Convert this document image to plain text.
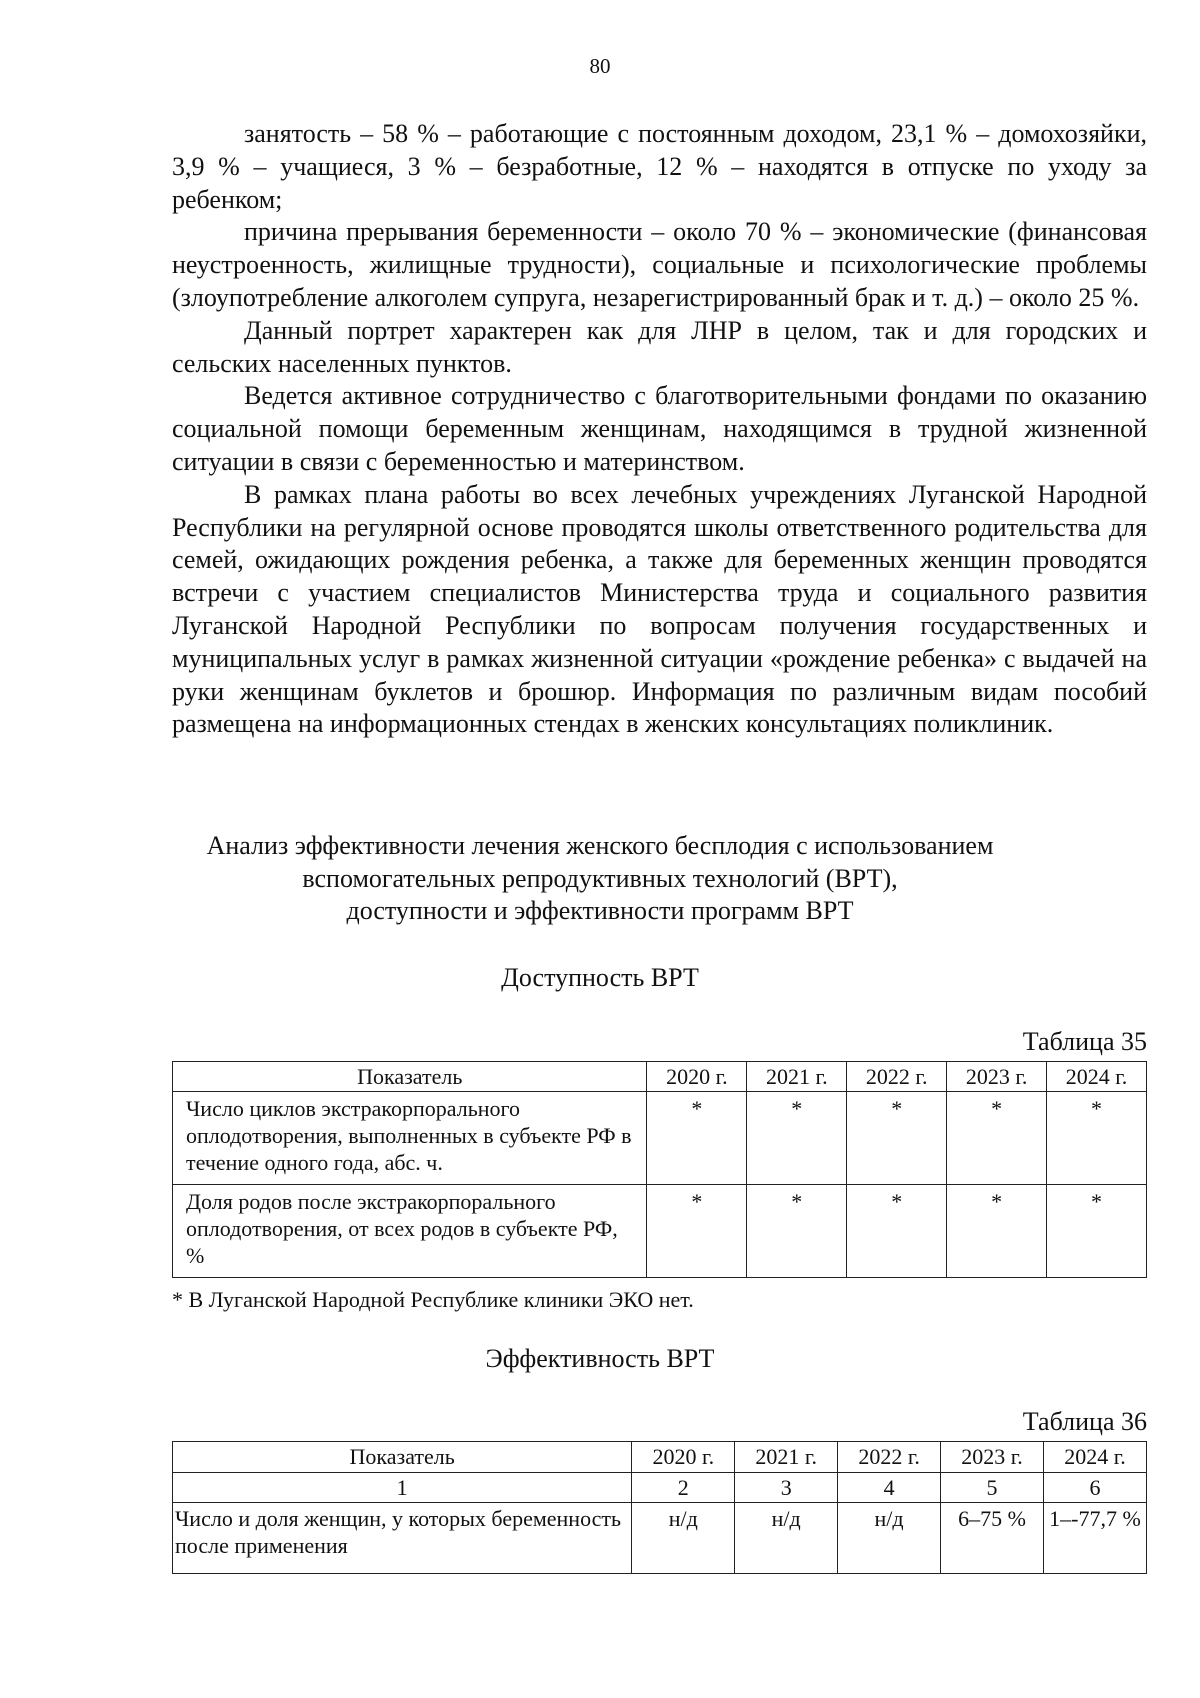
80

занятость – 58 % – работающие с постоянным доходом, 23,1 % – домохозяйки, 3,9 % – учащиеся, 3 % – безработные, 12 % – находятся в отпуске по уходу за ребенком;

причина прерывания беременности – около 70 % – экономические (финансовая неустроенность, жилищные трудности), социальные и психологические проблемы (злоупотребление алкоголем супруга, незарегистрированный брак и т. д.) – около 25 %.

Данный портрет характерен как для ЛНР в целом, так и для городских и сельских населенных пунктов.

Ведется активное сотрудничество с благотворительными фондами по оказанию социальной помощи беременным женщинам, находящимся в трудной жизненной ситуации в связи с беременностью и материнством.

В рамках плана работы во всех лечебных учреждениях Луганской Народной Республики на регулярной основе проводятся школы ответственного родительства для семей, ожидающих рождения ребенка, а также для беременных женщин проводятся встречи с участием специалистов Министерства труда и социального развития Луганской Народной Республики по вопросам получения государственных и муниципальных услуг в рамках жизненной ситуации «рождение ребенка» с выдачей на руки женщинам буклетов и брошюр. Информация по различным видам пособий размещена на информационных стендах в женских консультациях поликлиник.

Анализ эффективности лечения женского бесплодия с использованием
вспомогательных репродуктивных технологий (ВРТ),
доступности и эффективности программ ВРТ
Доступность ВРТ
Таблица 35
Показатель	2020 г.	2021 г.	2022 г.	2023 г.	2024 г.
Число циклов экстракорпорального оплодотворения, выполненных в субъекте РФ в течение одного года, абс. ч.	*	*	*	*	*
Доля родов после экстракорпорального оплодотворения, от всех родов в субъекте РФ, %	*	*	*	*	*
* В Луганской Народной Республике клиники ЭКО нет.
Эффективность ВРТ
Таблица 36
Показатель	2020 г.	2021 г.	2022 г.	2023 г.	2024 г.
1	2	3	4	5	6
Число и доля женщин, у которых беременность после применения	н/д	н/д	н/д	6–75 %	1–-77,7 %
